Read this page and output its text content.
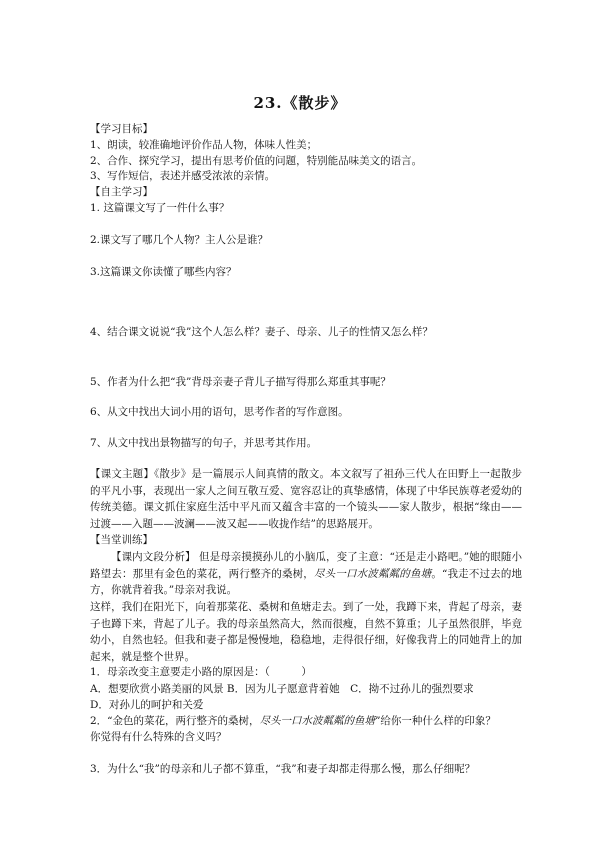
23.《散步》
【学习目标】
1、朗读，较准确地评价作品人物，体味人性美；
2、合作、探究学习，提出有思考价值的问题，特别能品味美文的语言。
3、写作短信，表述并感受浓浓的亲情。
【自主学习】
1. 这篇课文写了一件什么事？
2.课文写了哪几个人物？主人公是谁？
3.这篇课文你读懂了哪些内容？
4、结合课文说说“我”这个人怎么样？妻子、母亲、儿子的性情又怎么样？
5、作者为什么把“我”背母亲妻子背儿子描写得那么郑重其事呢？
6、从文中找出大词小用的语句，思考作者的写作意图。
7、从文中找出景物描写的句子，并思考其作用。
【课文主题】《散步》是一篇展示人间真情的散文。本文叙写了祖孙三代人在田野上一起散步的平凡小事，表现出一家人之间互敬互爱、宽容忍让的真挚感情，体现了中华民族尊老爱幼的传统美德。课文抓住家庭生活中平凡而又蕴含丰富的一个镜头——家人散步，根据“缘由——过渡——入题——波澜——波又起——收拢作结”的思路展开。
【当堂训练】
【课内文段分析】 但是母亲摸摸孙儿的小脑瓜，变了主意：“还是走小路吧。”她的眼随小路望去：那里有金色的菜花，两行整齐的桑树，尽头一口水波粼粼的鱼塘。“我走不过去的地方，你就背着我。”母亲对我说。
这样，我们在阳光下，向着那菜花、桑树和鱼塘走去。到了一处，我蹲下来，背起了母亲，妻子也蹲下来，背起了儿子。我的母亲虽然高大，然而很瘦，自然不算重；儿子虽然很胖，毕竟幼小，自然也轻。但我和妻子都是慢慢地，稳稳地，走得很仔细，好像我背上的同她背上的加起来，就是整个世界。
1．母亲改变主意要走小路的原因是：（　　　）
A．想要欣赏小路美丽的风景 B．因为儿子愿意背着她　C．拗不过孙儿的强烈要求
D．对孙儿的呵护和关爱
2．“金色的菜花，两行整齐的桑树，尽头一口水波粼粼的鱼塘”给你一种什么样的印象？
你觉得有什么特殊的含义吗？
3．为什么“我”的母亲和儿子都不算重，“我”和妻子却都走得那么慢，那么仔细呢？
